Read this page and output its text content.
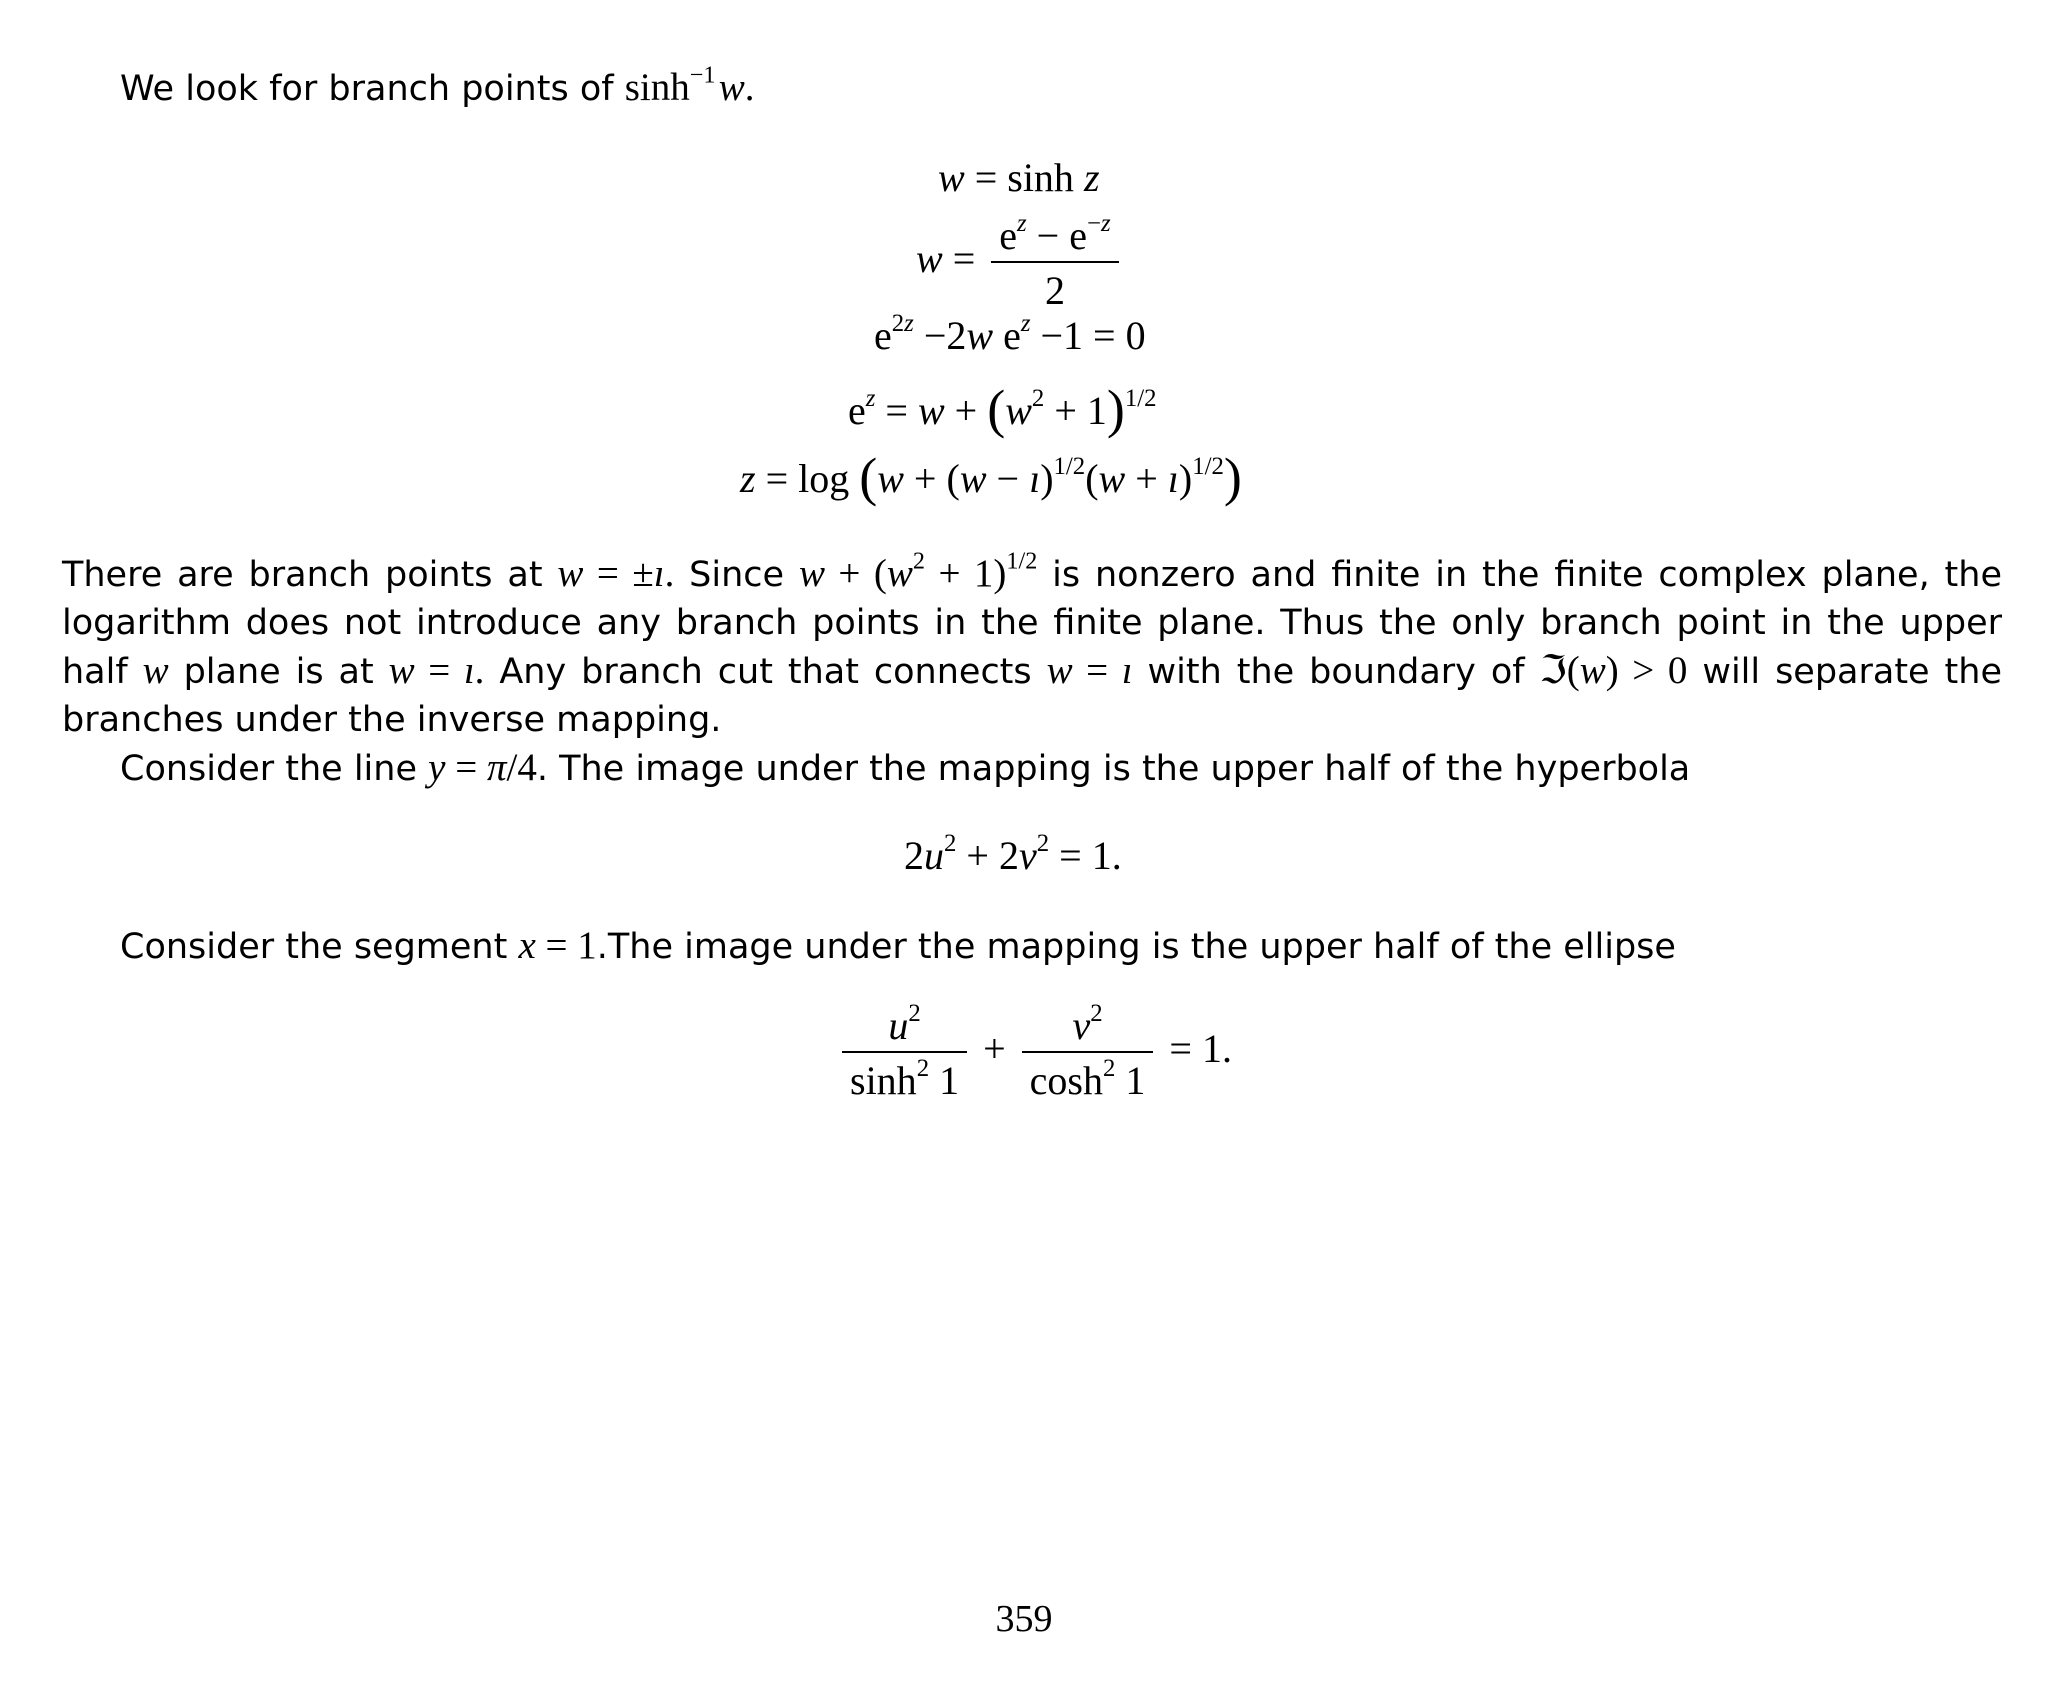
We look for branch points of $\sinh^{-1}$ w.

w = sinh z
$w = \frac{e^z - e^{-z}}{2}$
$e^{2z} -2w$ $e^z -1 = 0$
$e^z = w + (w^2 + 1)^{1/2}$
z = log (w + (w − ı)$^{1/2}$(w + ı)$^{1/2}$)

There are branch points at w = ±ı. Since $w + (w^2 + 1)^{1/2}$ is nonzero and finite in the finite complex plane, the logarithm does not introduce any branch points in the finite plane. Thus the only branch point in the upper half w plane is at w = ı. Any branch cut that connects w = ı with the boundary of ℑ(w) > 0 will separate the branches under the inverse mapping.

Consider the line y = π/4. The image under the mapping is the upper half of the hyperbola

$2u^2 + 2v^2 = 1$.

Consider the segment x = 1.The image under the mapping is the upper half of the ellipse

$\frac{u^2}{\sinh^2 1} + \frac{v^2}{\cosh^2 1} = 1$.
359
